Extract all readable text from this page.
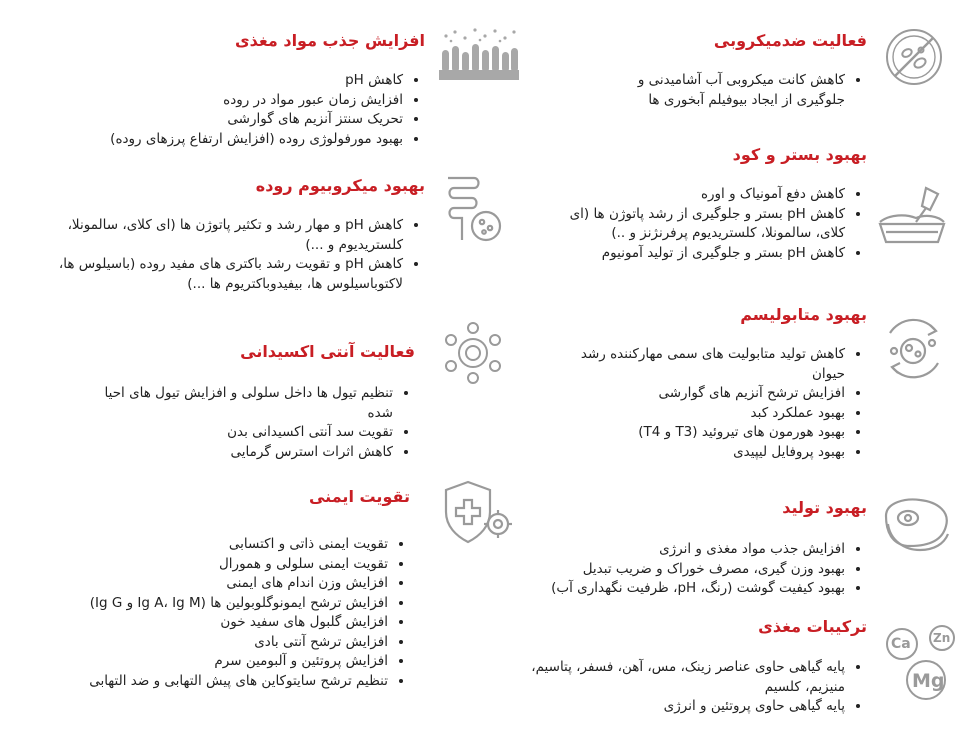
فعالیت ضدمیکروبی
• کاهش کانت میکروبی آب آشامیدنی و جلوگیری از ایجاد بیوفیلم آبخوری ها
بهبود بستر و کود
• کاهش دفع آمونیاک و اوره
• کاهش pH بستر و جلوگیری از رشد پاتوژن ها (ای کلای، سالمونلا، کلستریدیوم پرفرنژنز و ..)
• کاهش pH بستر و جلوگیری از تولید آمونیوم
بهبود متابولیسم
• کاهش تولید متابولیت های سمی مهارکننده رشد حیوان
• افزایش ترشح آنزیم های گوارشی
• بهبود عملکرد کبد
• بهبود هورمون های تیروئید (T3 و T4)
• بهبود پروفایل لیپیدی
بهبود تولید
• افزایش جذب مواد مغذی و انرژی
• بهبود وزن گیری، مصرف خوراک و ضریب تبدیل
• بهبود کیفیت گوشت (رنگ، pH، ظرفیت نگهداری آب)
ترکیبات مغذی
• پایه گیاهی حاوی عناصر زینک، مس، آهن، فسفر، پتاسیم، منیزیم، کلسیم
• پایه گیاهی حاوی پروتئین و انرژی
افزایش جذب مواد مغذی
• کاهش pH
• افزایش زمان عبور مواد در روده
• تحریک سنتز آنزیم های گوارشی
• بهبود مورفولوژی روده (افزایش ارتفاع پرزهای روده)
بهبود میکروبیوم روده
• کاهش pH و مهار رشد و تکثیر پاتوژن ها (ای کلای، سالمونلا، کلستریدیوم و ...)
• کاهش pH و تقویت رشد باکتری های مفید روده (باسیلوس ها، لاکتوباسیلوس ها، بیفیدوباکتریوم ها ...)
فعالیت آنتی اکسیدانی
• تنظیم تیول ها داخل سلولی و افزایش تیول های احیا شده
• تقویت سد آنتی اکسیدانی بدن
• کاهش اثرات استرس گرمایی
تقویت ایمنی
• تقویت ایمنی ذاتی و اکتسابی
• تقویت ایمنی سلولی و همورال
• افزایش وزن اندام های ایمنی
• افزایش ترشح ایمونوگلوبولین ها (Ig A، Ig M و Ig G)
• افزایش گلبول های سفید خون
• افزایش ترشح آنتی بادی
• افزایش پروتئین و آلبومین سرم
• تنظیم ترشح سایتوکاین های پیش التهابی و ضد التهابی
Ca Zn
Mg
